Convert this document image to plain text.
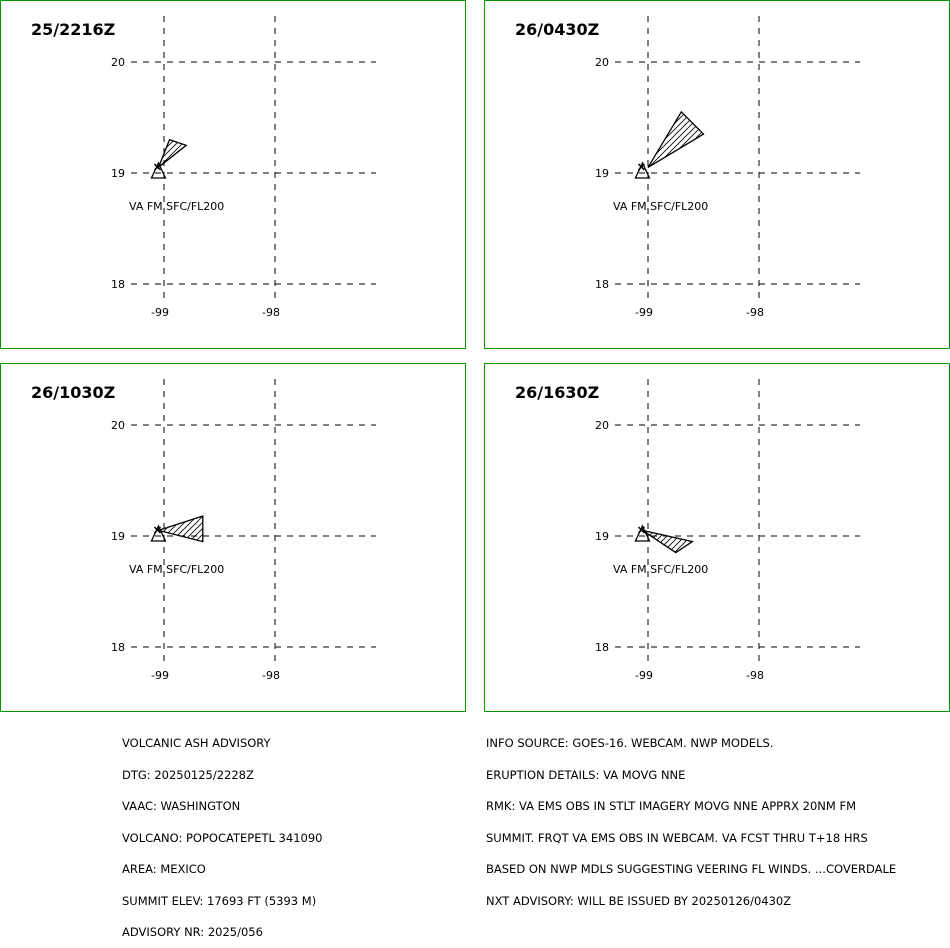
25/2216Z
20
19
18
-99	-98
VA FM SFC/FL200
26/0430Z
20
19
18
-99	-98
VA FM SFC/FL200
26/1030Z
20
19
18
-99	-98
VA FM SFC/FL200
26/1630Z
20
19
18
-99	-98
VA FM SFC/FL200

VOLCANIC ASH ADVISORY

DTG: 20250125/2228Z

VAAC: WASHINGTON

VOLCANO: POPOCATEPETL 341090

AREA: MEXICO

SUMMIT ELEV: 17693 FT (5393 M)

ADVISORY NR: 2025/056

INFO SOURCE: GOES-16. WEBCAM. NWP MODELS.

ERUPTION DETAILS: VA MOVG NNE

RMK: VA EMS OBS IN STLT IMAGERY MOVG NNE APPRX 20NM FM

SUMMIT. FRQT VA EMS OBS IN WEBCAM. VA FCST THRU T+18 HRS

BASED ON NWP MDLS SUGGESTING VEERING FL WINDS. ...COVERDALE

NXT ADVISORY: WILL BE ISSUED BY 20250126/0430Z
